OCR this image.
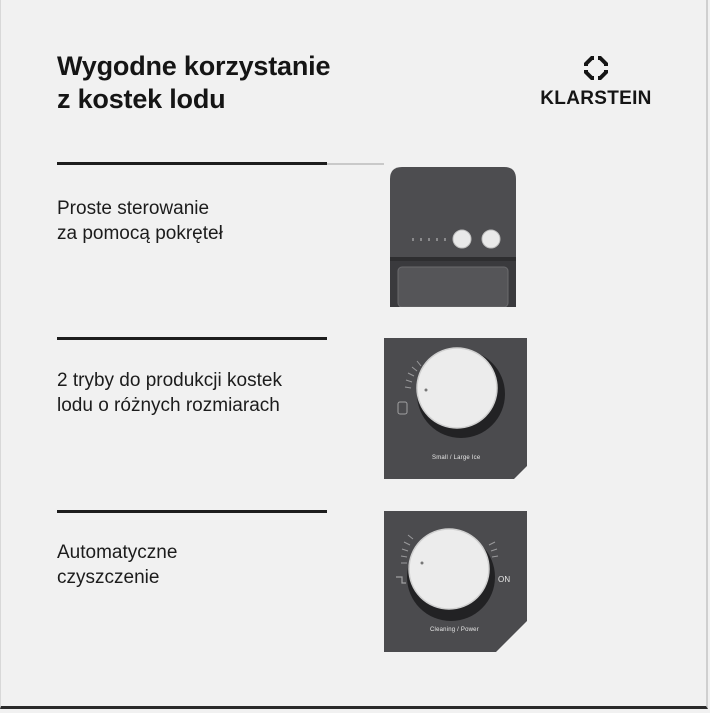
Wygodne korzystanie
z kostek lodu	KLARSTEIN
Proste sterowanie
za pomocą pokręteł
2 tryby do produkcji kostek
lodu o różnych rozmiarach
Small / Large Ice
Automatyczne
czyszczenie	ON
Cleaning / Power
